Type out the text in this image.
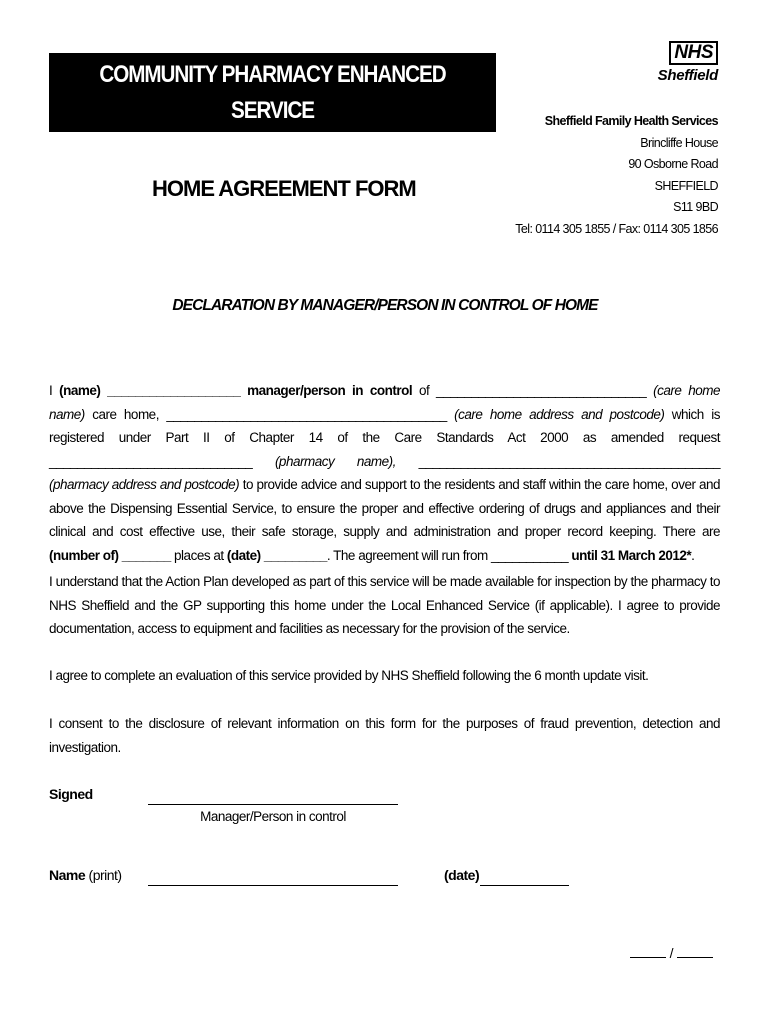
COMMUNITY PHARMACY ENHANCED SERVICE
FOR SHEFFIELD CARE HOMES
NHS
Sheffield
Sheffield Family Health Services
Brincliffe House
90 Osborne Road
SHEFFIELD
S11 9BD
Tel: 0114 305 1855 / Fax: 0114 305 1856
HOME AGREEMENT FORM
DECLARATION BY MANAGER/PERSON IN CONTROL OF HOME
I (name) ___________________ manager/person in control of ______________________________ (care home name) care home, ________________________________________ (care home address and postcode) which is registered under Part II of Chapter 14 of the Care Standards Act 2000 as amended request _____________________________ (pharmacy name), ___________________________________________ (pharmacy address and postcode) to provide advice and support to the residents and staff within the care home, over and above the Dispensing Essential Service, to ensure the proper and effective ordering of drugs and appliances and their clinical and cost effective use, their safe storage, supply and administration and proper record keeping. There are (number of) _______ places at (date) _________. The agreement will run from ___________ until 31 March 2012*.
I understand that the Action Plan developed as part of this service will be made available for inspection by the pharmacy to NHS Sheffield and the GP supporting this home under the Local Enhanced Service (if applicable). I agree to provide documentation, access to equipment and facilities as necessary for the provision of the service.
I agree to complete an evaluation of this service provided by NHS Sheffield following the 6 month update visit.
I consent to the disclosure of relevant information on this form for the purposes of fraud prevention, detection and investigation.
Signed
Manager/Person in control
Name (print)	(date)
/
